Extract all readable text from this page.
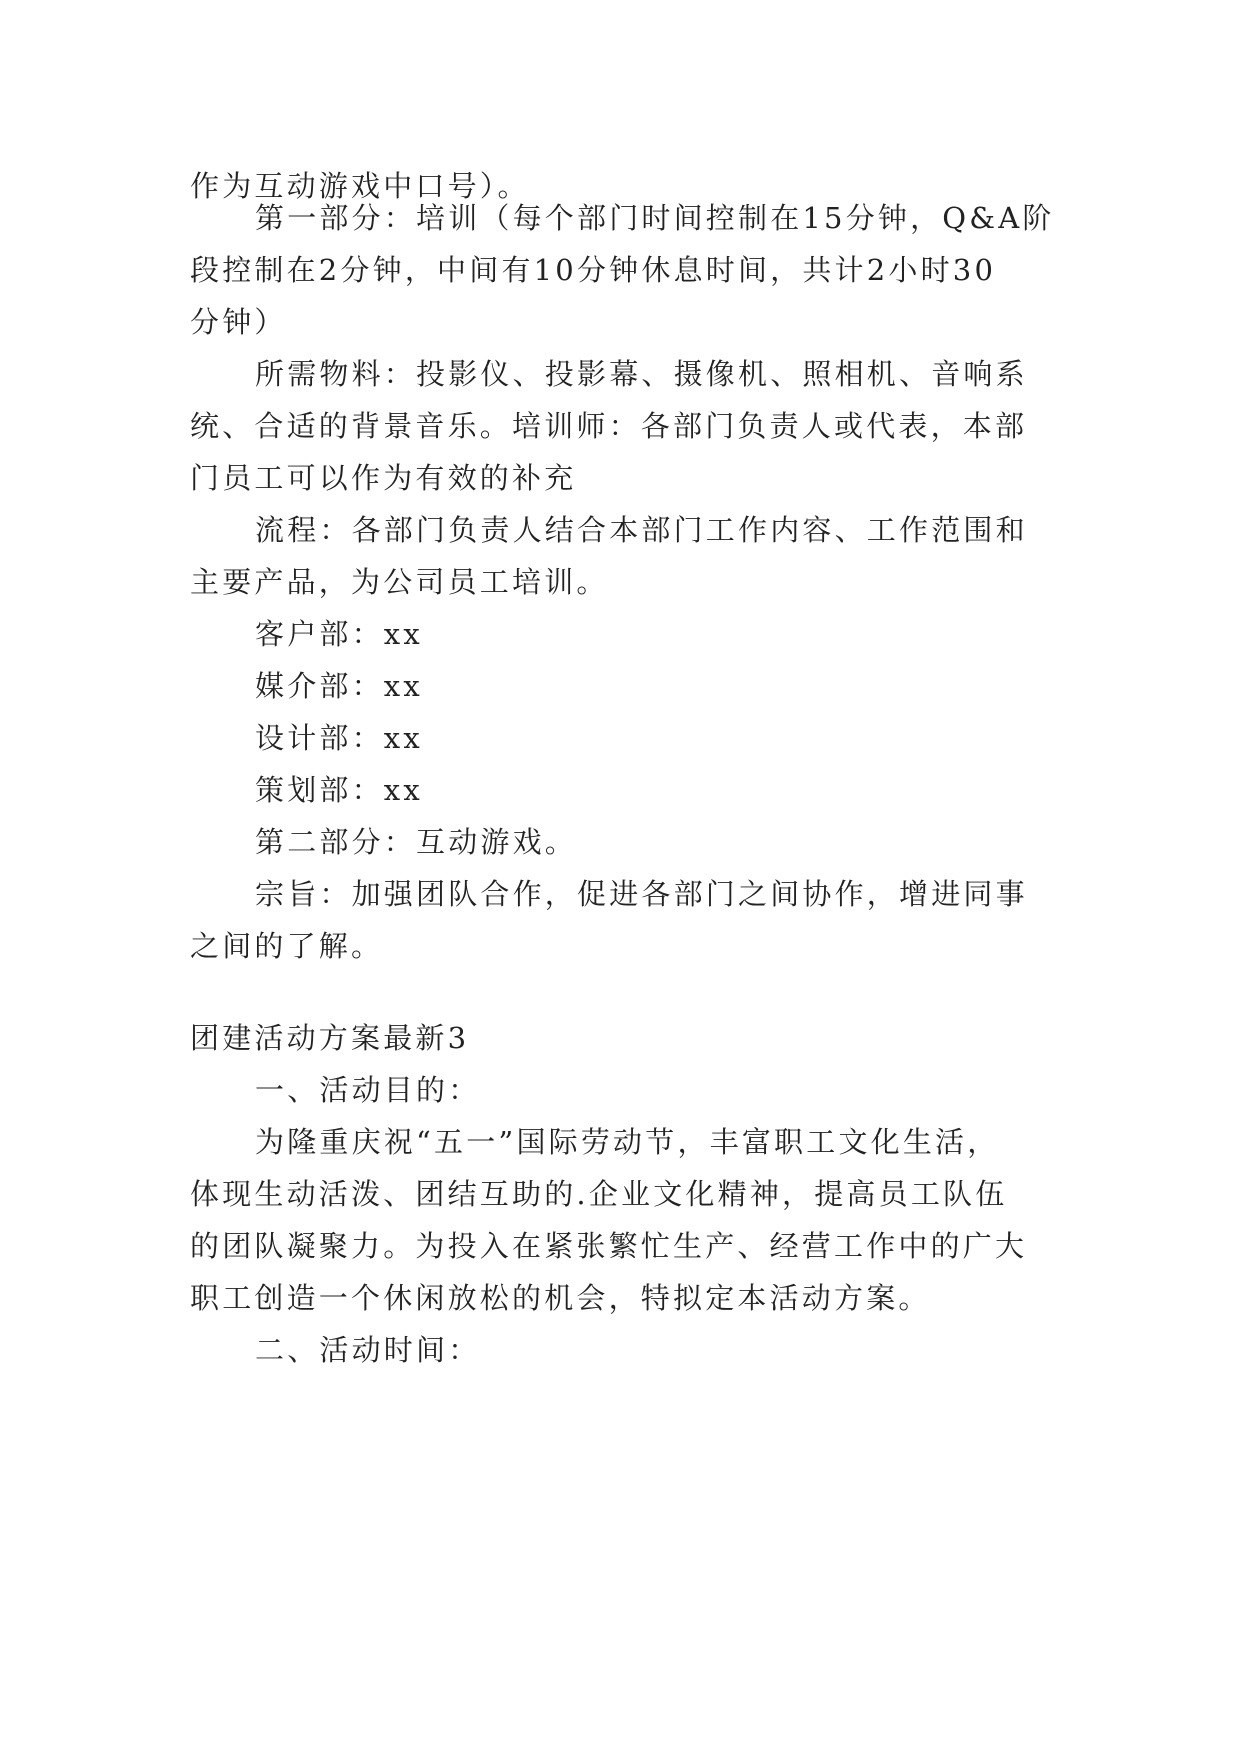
作为互动游戏中口号）。
第一部分：培训（每个部门时间控制在15分钟，Q&A阶
段控制在2分钟，中间有10分钟休息时间，共计2小时30
分钟）
所需物料：投影仪、投影幕、摄像机、照相机、音响系
统、合适的背景音乐。培训师：各部门负责人或代表，本部
门员工可以作为有效的补充
流程：各部门负责人结合本部门工作内容、工作范围和
主要产品，为公司员工培训。
客户部：xx
媒介部：xx
设计部：xx
策划部：xx
第二部分：互动游戏。
宗旨：加强团队合作，促进各部门之间协作，增进同事
之间的了解。
团建活动方案最新3
一、活动目的：
为隆重庆祝“五一”国际劳动节，丰富职工文化生活，
体现生动活泼、团结互助的.企业文化精神，提高员工队伍
的团队凝聚力。为投入在紧张繁忙生产、经营工作中的广大
职工创造一个休闲放松的机会，特拟定本活动方案。
二、活动时间：
